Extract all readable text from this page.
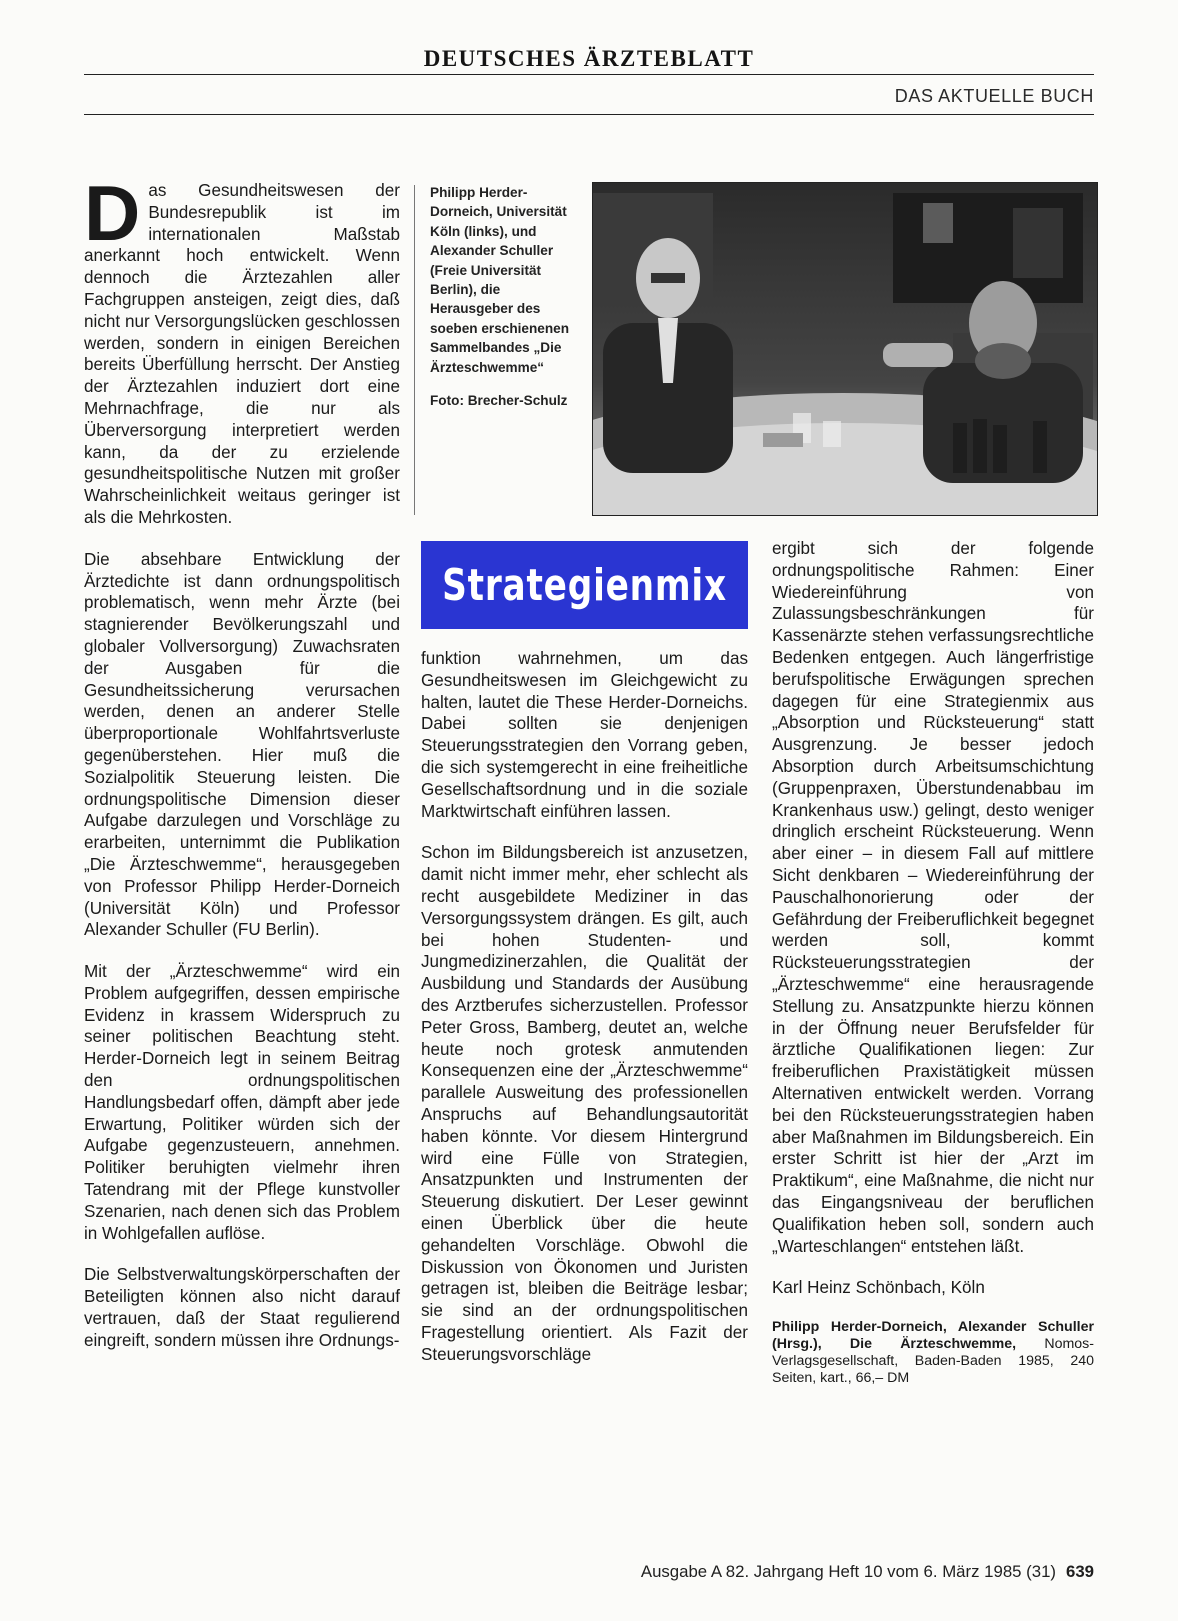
DEUTSCHES ÄRZTEBLATT
DAS AKTUELLE BUCH

D as Gesundheitswesen der Bundesrepublik ist im internationalen Maßstab anerkannt hoch entwickelt. Wenn dennoch die Ärztezahlen aller Fachgruppen ansteigen, zeigt dies, daß nicht nur Versorgungslücken geschlossen werden, sondern in einigen Bereichen bereits Überfüllung herrscht. Der Anstieg der Ärztezahlen induziert dort eine Mehrnachfrage, die nur als Überversorgung interpretiert werden kann, da der zu erzielende gesundheitspolitische Nutzen mit großer Wahrscheinlichkeit weitaus geringer ist als die Mehrkosten.

Die absehbare Entwicklung der Ärztedichte ist dann ordnungspolitisch problematisch, wenn mehr Ärzte (bei stagnierender Bevölkerungszahl und globaler Vollversorgung) Zuwachsraten der Ausgaben für die Gesundheitssicherung verursachen werden, denen an anderer Stelle überproportionale Wohlfahrtsverluste gegenüberstehen. Hier muß die Sozialpolitik Steuerung leisten. Die ordnungspolitische Dimension dieser Aufgabe darzulegen und Vorschläge zu erarbeiten, unternimmt die Publikation „Die Ärzteschwemme“, herausgegeben von Professor Philipp Herder-Dorneich (Universität Köln) und Professor Alexander Schuller (FU Berlin).

Mit der „Ärzteschwemme“ wird ein Problem aufgegriffen, dessen empirische Evidenz in krassem Widerspruch zu seiner politischen Beachtung steht. Herder-Dorneich legt in seinem Beitrag den ordnungspolitischen Handlungsbedarf offen, dämpft aber jede Erwartung, Politiker würden sich der Aufgabe gegenzusteuern, annehmen. Politiker beruhigten vielmehr ihren Tatendrang mit der Pflege kunstvoller Szenarien, nach denen sich das Problem in Wohlgefallen auflöse.

Die Selbstverwaltungskörperschaften der Beteiligten können also nicht darauf vertrauen, daß der Staat regulierend eingreift, sondern müssen ihre Ordnungs-

Philipp Herder-Dorneich, Universität Köln (links), und Alexander Schuller (Freie Universität Berlin), die Herausgeber des soeben erschienenen Sammelbandes „Die Ärzteschwemme“
Foto: Brecher-Schulz
Strategienmix

funktion wahrnehmen, um das Gesundheitswesen im Gleichgewicht zu halten, lautet die These Herder-Dorneichs. Dabei sollten sie denjenigen Steuerungsstrategien den Vorrang geben, die sich systemgerecht in eine freiheitliche Gesellschaftsordnung und in die soziale Marktwirtschaft einführen lassen.

Schon im Bildungsbereich ist anzusetzen, damit nicht immer mehr, eher schlecht als recht ausgebildete Mediziner in das Versorgungssystem drängen. Es gilt, auch bei hohen Studenten- und Jungmedizinerzahlen, die Qualität der Ausbildung und Standards der Ausübung des Arztberufes sicherzustellen. Professor Peter Gross, Bamberg, deutet an, welche heute noch grotesk anmutenden Konsequenzen eine der „Ärzteschwemme“ parallele Ausweitung des professionellen Anspruchs auf Behandlungsautorität haben könnte. Vor diesem Hintergrund wird eine Fülle von Strategien, Ansatzpunkten und Instrumenten der Steuerung diskutiert. Der Leser gewinnt einen Überblick über die heute gehandelten Vorschläge. Obwohl die Diskussion von Ökonomen und Juristen getragen ist, bleiben die Beiträge lesbar; sie sind an der ordnungspolitischen Fragestellung orientiert. Als Fazit der Steuerungsvorschläge

ergibt sich der folgende ordnungspolitische Rahmen: Einer Wiedereinführung von Zulassungsbeschränkungen für Kassenärzte stehen verfassungsrechtliche Bedenken entgegen. Auch längerfristige berufspolitische Erwägungen sprechen dagegen für eine Strategienmix aus „Absorption und Rücksteuerung“ statt Ausgrenzung. Je besser jedoch Absorption durch Arbeitsumschichtung (Gruppenpraxen, Überstundenabbau im Krankenhaus usw.) gelingt, desto weniger dringlich erscheint Rücksteuerung. Wenn aber einer – in diesem Fall auf mittlere Sicht denkbaren – Wiedereinführung der Pauschalhonorierung oder der Gefährdung der Freiberuflichkeit begegnet werden soll, kommt Rücksteuerungsstrategien der „Ärzteschwemme“ eine herausragende Stellung zu. Ansatzpunkte hierzu können in der Öffnung neuer Berufsfelder für ärztliche Qualifikationen liegen: Zur freiberuflichen Praxistätigkeit müssen Alternativen entwickelt werden. Vorrang bei den Rücksteuerungsstrategien haben aber Maßnahmen im Bildungsbereich. Ein erster Schritt ist hier der „Arzt im Praktikum“, eine Maßnahme, die nicht nur das Eingangsniveau der beruflichen Qualifikation heben soll, sondern auch „Warteschlangen“ entstehen läßt.

Karl Heinz Schönbach, Köln

Philipp Herder-Dorneich, Alexander Schuller (Hrsg.), Die Ärzteschwemme, Nomos-Verlagsgesellschaft, Baden-Baden 1985, 240 Seiten, kart., 66,– DM
Ausgabe A 82. Jahrgang Heft 10 vom 6. März 1985 (31) 639
